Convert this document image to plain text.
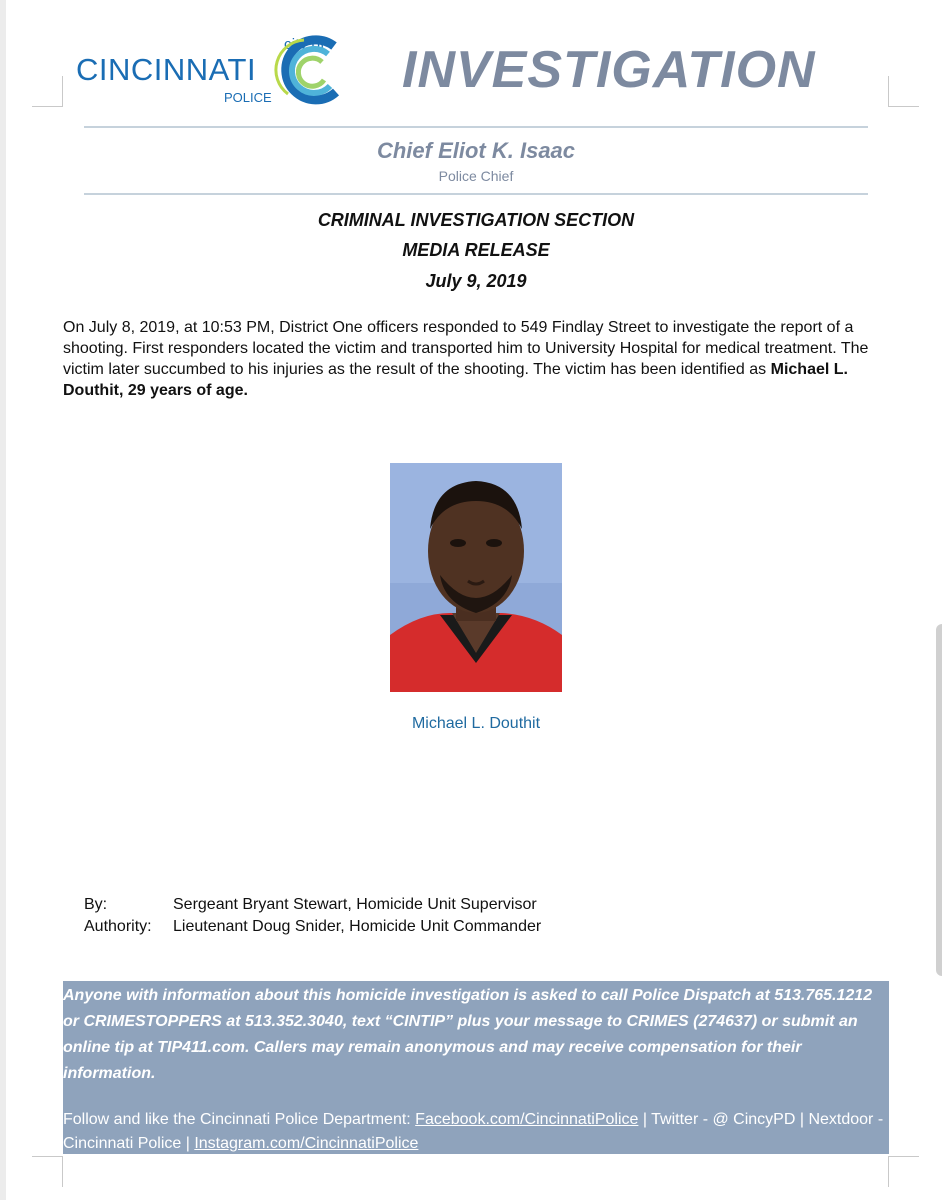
city of
CINCINNATI
POLICE	INVESTIGATION
Chief Eliot K. Isaac
Police Chief
CRIMINAL INVESTIGATION SECTION
MEDIA RELEASE
July 9, 2019
On July 8, 2019, at 10:53 PM, District One officers responded to 549 Findlay Street to investigate the report of a shooting. First responders located the victim and transported him to University Hospital for medical treatment. The victim later succumbed to his injuries as the result of the shooting. The victim has been identified as Michael L. Douthit, 29 years of age.
Michael L. Douthit
By:	Sergeant Bryant Stewart, Homicide Unit Supervisor
Authority:	Lieutenant Doug Snider, Homicide Unit Commander
Anyone with information about this homicide investigation is asked to call Police Dispatch at 513.765.1212 or CRIMESTOPPERS at 513.352.3040, text “CINTIP” plus your message to CRIMES (274637) or submit an online tip at TIP411.com. Callers may remain anonymous and may receive compensation for their information.
Follow and like the Cincinnati Police Department: Facebook.com/CincinnatiPolice | Twitter - @ CincyPD | Nextdoor - Cincinnati Police | Instagram.com/CincinnatiPolice
